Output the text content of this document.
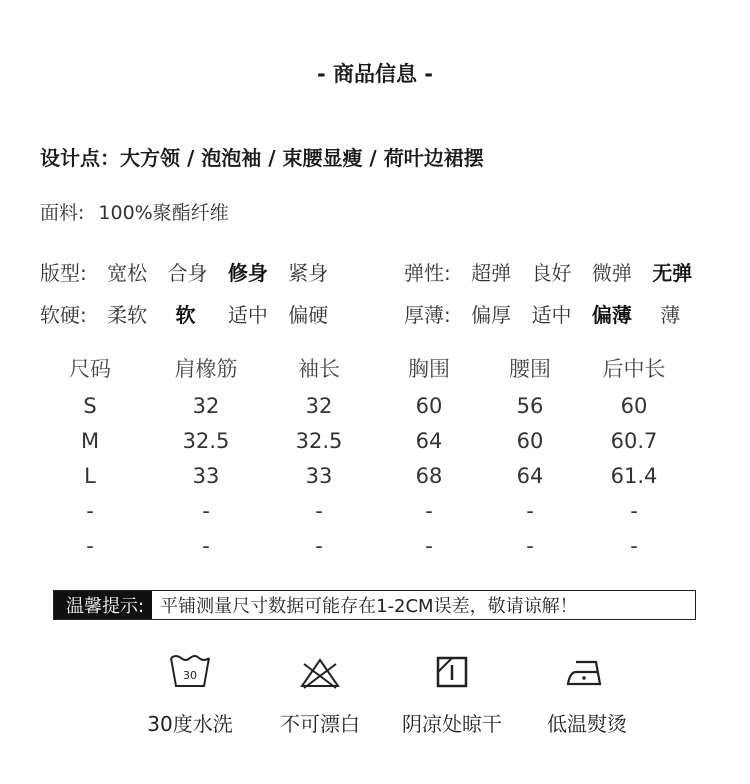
- 商品信息 -
设计点：大方领 / 泡泡袖 / 束腰显瘦 / 荷叶边裙摆
面料: 100%聚酯纤维
版型: 宽松 合身 修身 紧身	弹性: 超弹 良好 微弹 无弹
软硬: 柔软 软 适中 偏硬	厚薄: 偏厚 适中 偏薄 薄
尺码	肩橡筋	袖长	胸围	腰围	后中长
S	32	32	60	56	60
M	32.5	32.5	64	60	60.7
L	33	33	68	64	61.4
-	-	-	-	-	-
-	-	-	-	-	-
温馨提示: 平铺测量尺寸数据可能存在1-2CM误差，敬请谅解！
30
30度水洗	不可漂白	阴凉处晾干	低温熨烫
